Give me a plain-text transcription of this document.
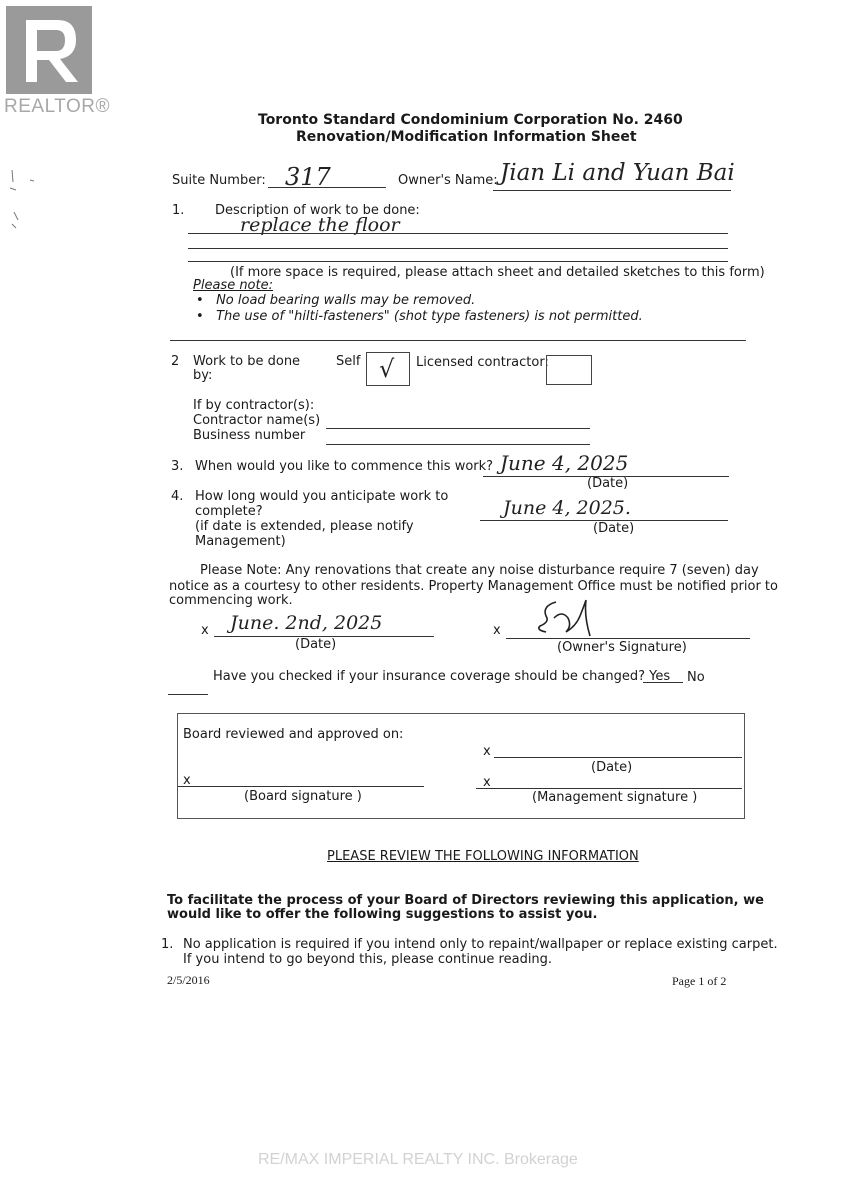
REALTOR®
Toronto Standard Condominium Corporation No. 2460
Renovation/Modification Information Sheet
Suite Number: 317	Owner's Name: Jian Li and Yuan Bai
1. Description of work to be done:
replace the floor
(If more space is required, please attach sheet and detailed sketches to this form)
Please note:
•   No load bearing walls may be removed.
•   The use of "hilti-fasteners" (shot type fasteners) is not permitted.
2 Work to be done
by:
Self √ Licensed contractor:
If by contractor(s):
Contractor name(s)
Business number
3. When would you like to commence this work? June 4, 2025
(Date)
4. How long would you anticipate work to
complete?
(if date is extended, please notify
Management)
June 4, 2025.
(Date)
Please Note: Any renovations that create any noise disturbance require 7 (seven) day
notice as a courtesy to other residents. Property Management Office must be notified prior to
commencing work.
x June. 2nd, 2025
(Date)
x
(Owner's Signature)
Have you checked if your insurance coverage should be changed? Yes No
Board reviewed and approved on:
x
(Date)
x
(Board signature )
x
(Management signature )
PLEASE REVIEW THE FOLLOWING INFORMATION
To facilitate the process of your Board of Directors reviewing this application, we
would like to offer the following suggestions to assist you.
1. No application is required if you intend only to repaint/wallpaper or replace existing carpet.
If you intend to go beyond this, please continue reading.
2/5/2016	Page 1 of 2
RE/MAX IMPERIAL REALTY INC. Brokerage
